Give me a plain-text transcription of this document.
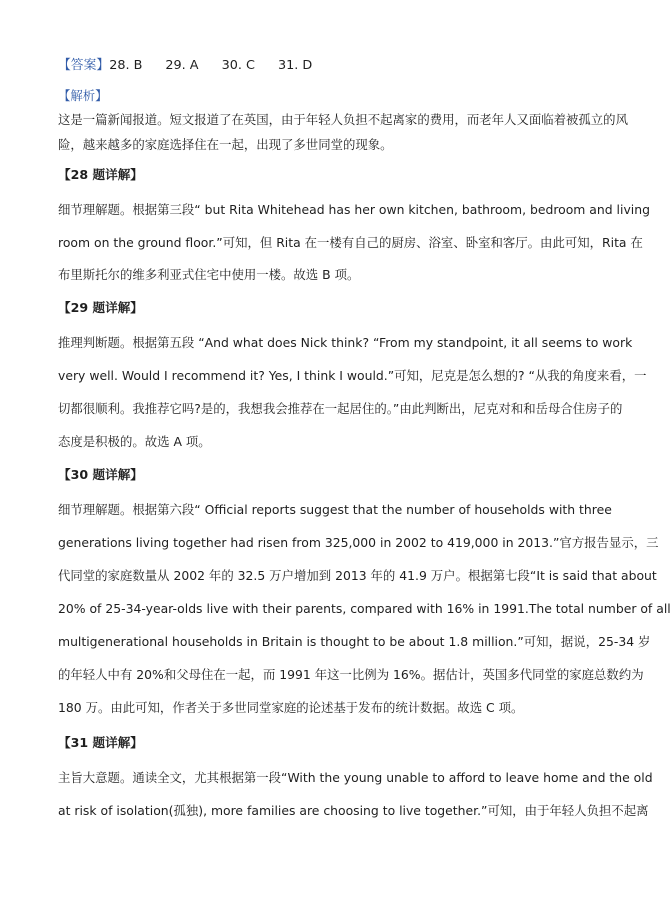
【答案】28. B 29. A 30. C 31. D
【解析】
这是一篇新闻报道。短文报道了在英国，由于年轻人负担不起离家的费用，而老年人又面临着被孤立的风
险，越来越多的家庭选择住在一起，出现了多世同堂的现象。
【28 题详解】
细节理解题。根据第三段“ but Rita Whitehead has her own kitchen, bathroom, bedroom and living
room on the ground floor.”可知，但 Rita 在一楼有自己的厨房、浴室、卧室和客厅。由此可知，Rita 在
布里斯托尔的维多利亚式住宅中使用一楼。故选 B 项。
【29 题详解】
推理判断题。根据第五段 “And what does Nick think? “From my standpoint, it all seems to work
very well. Would I recommend it? Yes, I think I would.”可知，尼克是怎么想的? “从我的角度来看，一
切都很顺利。我推荐它吗?是的，我想我会推荐在一起居住的。”由此判断出，尼克对和和岳母合住房子的
态度是积极的。故选 A 项。
【30 题详解】
细节理解题。根据第六段“ Official reports suggest that the number of households with three
generations living together had risen from 325,000 in 2002 to 419,000 in 2013.”官方报告显示，三
代同堂的家庭数量从 2002 年的 32.5 万户增加到 2013 年的 41.9 万户。根据第七段“It is said that about
20% of 25-34-year-olds live with their parents, compared with 16% in 1991.The total number of all
multigenerational households in Britain is thought to be about 1.8 million.”可知，据说，25-34 岁
的年轻人中有 20%和父母住在一起，而 1991 年这一比例为 16%。据估计，英国多代同堂的家庭总数约为
180 万。由此可知，作者关于多世同堂家庭的论述基于发布的统计数据。故选 C 项。
【31 题详解】
主旨大意题。通读全文，尤其根据第一段“With the young unable to afford to leave home and the old
at risk of isolation(孤独), more families are choosing to live together.”可知，由于年轻人负担不起离
